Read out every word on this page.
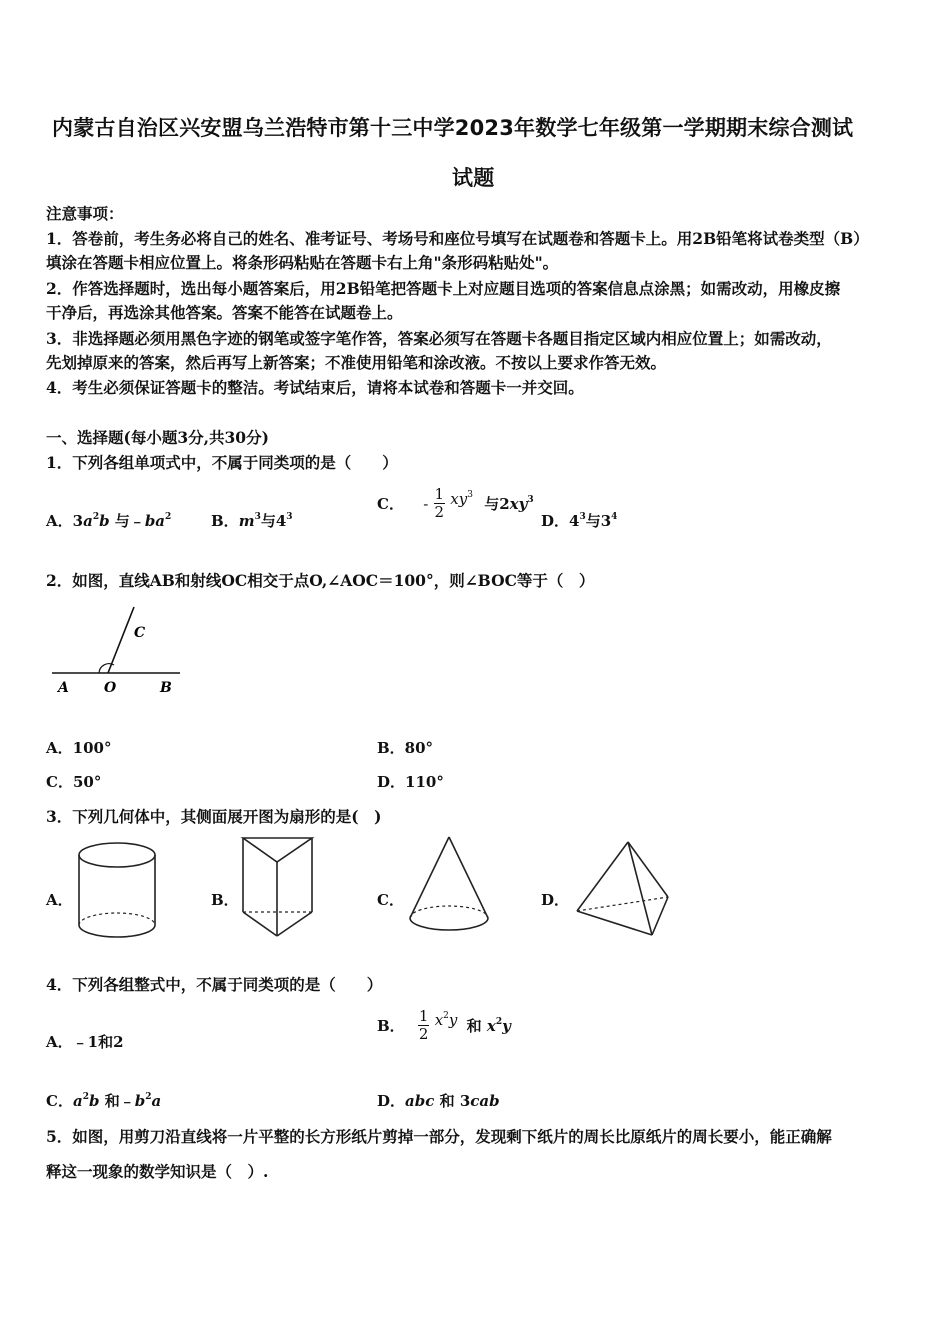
内蒙古自治区兴安盟乌兰浩特市第十三中学2023年数学七年级第一学期期末综合测试
试题
注意事项：
1．答卷前，考生务必将自己的姓名、准考证号、考场号和座位号填写在试题卷和答题卡上。用2B铅笔将试卷类型（B）
填涂在答题卡相应位置上。将条形码粘贴在答题卡右上角"条形码粘贴处"。
2．作答选择题时，选出每小题答案后，用2B铅笔把答题卡上对应题目选项的答案信息点涂黑；如需改动，用橡皮擦
干净后，再选涂其他答案。答案不能答在试题卷上。
3．非选择题必须用黑色字迹的钢笔或签字笔作答，答案必须写在答题卡各题目指定区域内相应位置上；如需改动，
先划掉原来的答案，然后再写上新答案；不准使用铅笔和涂改液。不按以上要求作答无效。
4．考生必须保证答题卡的整洁。考试结束后，请将本试卷和答题卡一并交回。
一、选择题(每小题3分,共30分)
1．下列各组单项式中，不属于同类项的是（　　）
A．$3a^2b$ 与$﹣ba^2$	B．$m^3$与$4^3$
C． - $\frac{1}{2} xy^3$ 与$2xy^3$
D．$4^3$与$3^4$
2．如图，直线AB和射线OC相交于点O,∠AOC＝100°，则∠BOC等于（　）
C
A	O	B
A．100°	B．80°
C．50°	D．110°
3．下列几何体中，其侧面展开图为扇形的是(　)
A．	B．	C．	D．
4．下列各组整式中，不属于同类项的是（　　）
A．﹣1和2
B． $\frac{1}{2} x^2y$ 和 $x^2y$
C．$a^2b$ 和$﹣b^2a$	D．abc 和 3cab
5．如图，用剪刀沿直线将一片平整的长方形纸片剪掉一部分，发现剩下纸片的周长比原纸片的周长要小，能正确解
释这一现象的数学知识是（　）.
